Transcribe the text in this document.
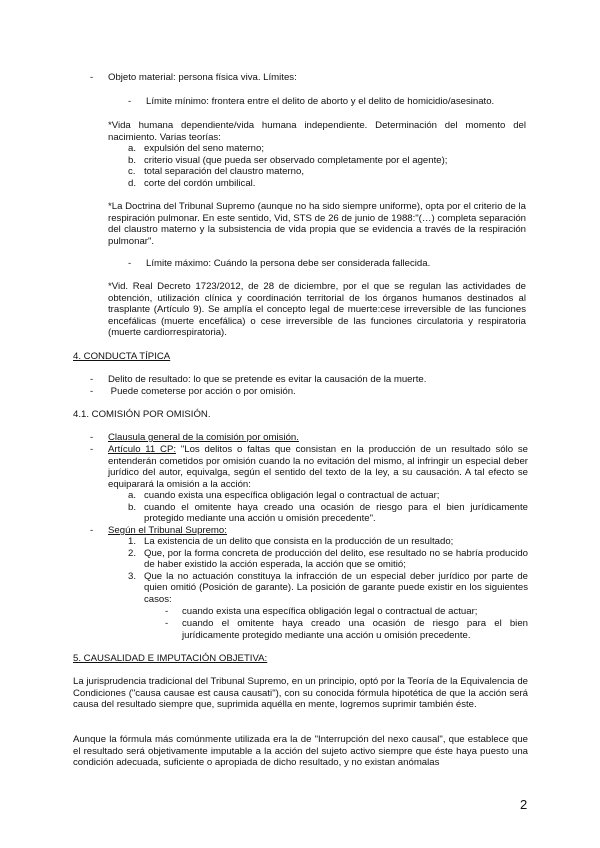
- Objeto material: persona física viva. Límites:
- Límite mínimo: frontera entre el delito de aborto y el delito de homicidio/asesinato.
*Vida humana dependiente/vida humana independiente. Determinación del momento del nacimiento. Varias teorías:
a. expulsión del seno materno;
b. criterio visual (que pueda ser observado completamente por el agente);
c. total separación del claustro materno,
d. corte del cordón umbilical.
*La Doctrina del Tribunal Supremo (aunque no ha sido siempre uniforme), opta por el criterio de la respiración pulmonar. En este sentido, Vid, STS de 26 de junio de 1988:"(…) completa separación del claustro materno y la subsistencia de vida propia que se evidencia a través de la respiración pulmonar".
- Límite máximo: Cuándo la persona debe ser considerada fallecida.
*Vid. Real Decreto 1723/2012, de 28 de diciembre, por el que se regulan las actividades de obtención, utilización clínica y coordinación territorial de los órganos humanos destinados al trasplante (Artículo 9). Se amplía el concepto legal de muerte:cese irreversible de las funciones encefálicas (muerte encefálica) o cese irreversible de las funciones circulatoria y respiratoria (muerte cardiorrespiratoria).
4. CONDUCTA TÍPICA
- Delito de resultado: lo que se pretende es evitar la causación de la muerte.
- Puede cometerse por acción o por omisión.
4.1. COMISIÓN POR OMISIÓN.
- Clausula general de la comisión por omisión.
- Artículo 11 CP: "Los delitos o faltas que consistan en la producción de un resultado sólo se entenderán cometidos por omisión cuando la no evitación del mismo, al infringir un especial deber jurídico del autor, equivalga, según el sentido del texto de la ley, a su causación. A tal efecto se equiparará la omisión a la acción:
a. cuando exista una específica obligación legal o contractual de actuar;
b. cuando el omitente haya creado una ocasión de riesgo para el bien jurídicamente protegido mediante una acción u omisión precedente".
- Según el Tribunal Supremo:
1. La existencia de un delito que consista en la producción de un resultado;
2. Que, por la forma concreta de producción del delito, ese resultado no se habría producido de haber existido la acción esperada, la acción que se omitió;
3. Que la no actuación constituya la infracción de un especial deber jurídico por parte de quien omitió (Posición de garante). La posición de garante puede existir en los siguientes casos:
- cuando exista una específica obligación legal o contractual de actuar;
- cuando el omitente haya creado una ocasión de riesgo para el bien jurídicamente protegido mediante una acción u omisión precedente.
5. CAUSALIDAD E IMPUTACIÓN OBJETIVA:
La jurisprudencia tradicional del Tribunal Supremo, en un principio, optó por la Teoría de la Equivalencia de Condiciones ("causa causae est causa causati"), con su conocida fórmula hipotética de que la acción será causa del resultado siempre que, suprimida aquélla en mente, logremos suprimir también éste.
Aunque la fórmula más comúnmente utilizada era la de "Interrupción del nexo causal", que establece que el resultado será objetivamente imputable a la acción del sujeto activo siempre que éste haya puesto una condición adecuada, suficiente o apropiada de dicho resultado, y no existan anómalas
2
